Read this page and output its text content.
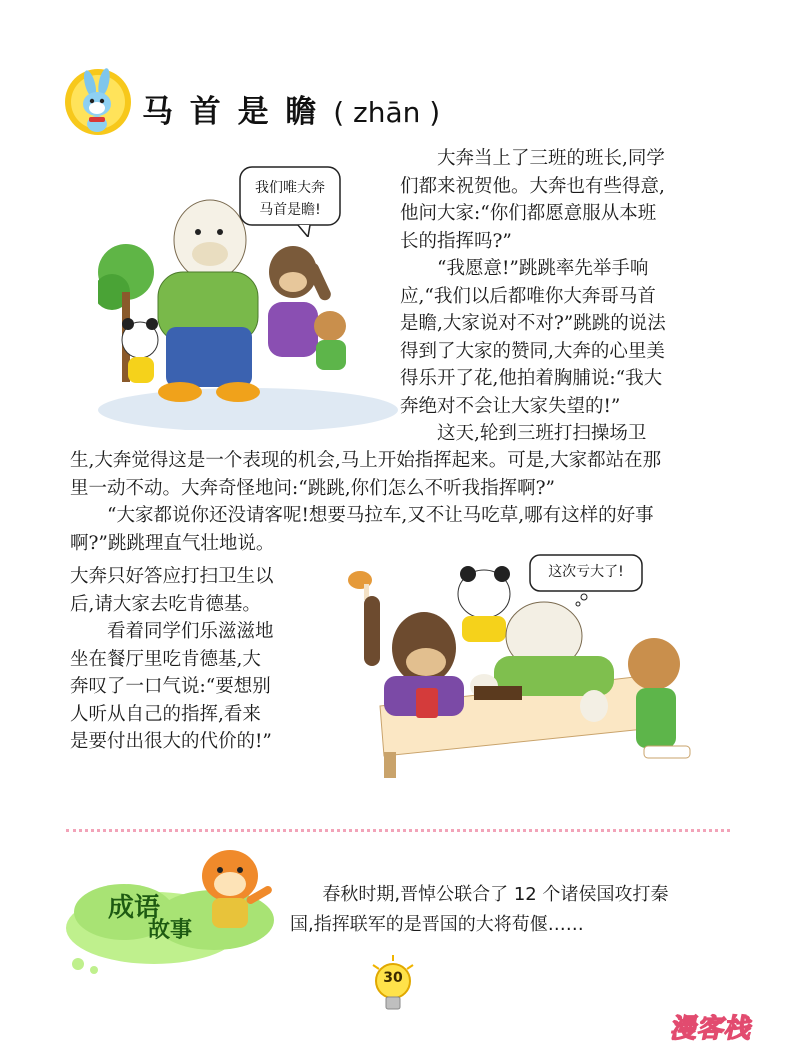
马 首 是 瞻 ( zhān )
我们唯大奔
马首是瞻!

大奔当上了三班的班长,同学
们都来祝贺他。大奔也有些得意,
他问大家:“你们都愿意服从本班
长的指挥吗?”
“我愿意!”跳跳率先举手响
应,“我们以后都唯你大奔哥马首
是瞻,大家说对不对?”跳跳的说法
得到了大家的赞同,大奔的心里美
得乐开了花,他拍着胸脯说:“我大
奔绝对不会让大家失望的!”
这天,轮到三班打扫操场卫

生,大奔觉得这是一个表现的机会,马上开始指挥起来。可是,大家都站在那
里一动不动。大奔奇怪地问:“跳跳,你们怎么不听我指挥啊?”
“大家都说你还没请客呢!想要马拉车,又不让马吃草,哪有这样的好事
啊?”跳跳理直气壮地说。

大奔只好答应打扫卫生以
后,请大家去吃肯德基。
看着同学们乐滋滋地
坐在餐厅里吃肯德基,大
奔叹了一口气说:“要想别
人听从自己的指挥,看来
是要付出很大的代价的!”

这次亏大了!
成语
故事
春秋时期,晋悼公联合了 12 个诸侯国攻打秦
国,指挥联军的是晋国的大将荀偃……
30
漫客栈
